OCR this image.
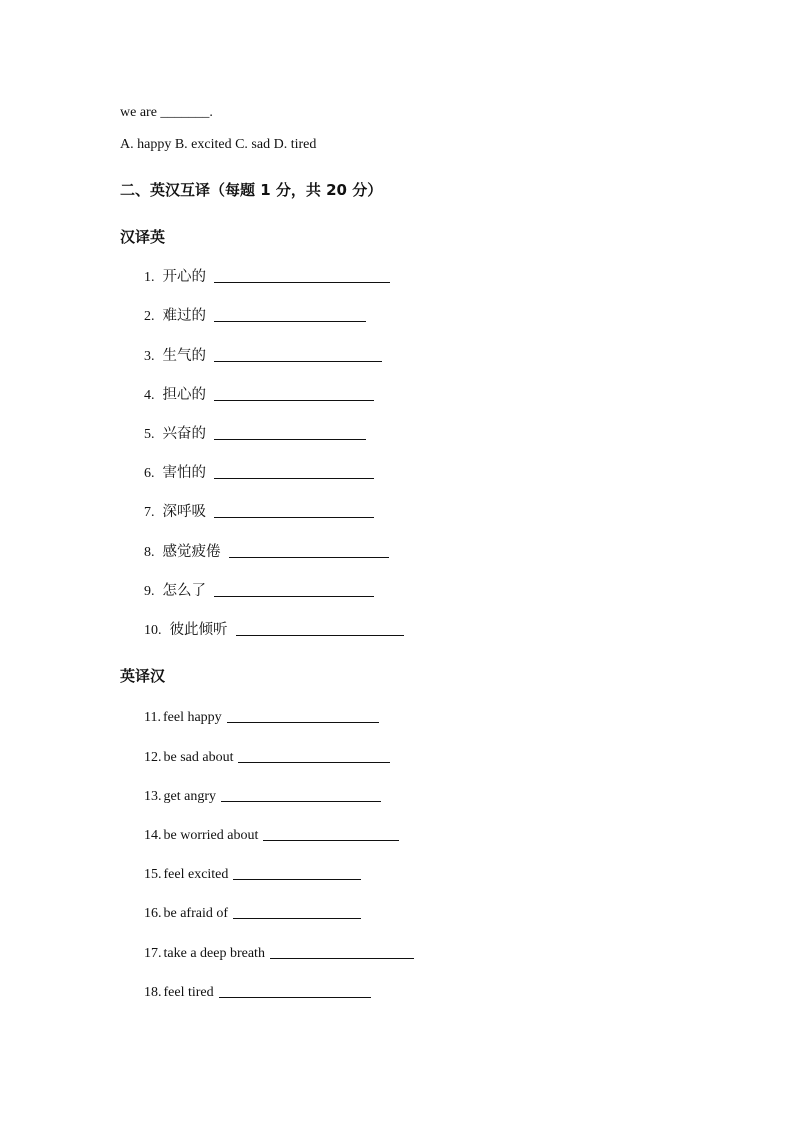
we are _______.
A. happy B. excited C. sad D. tired
二、英汉互译（每题 1 分，共 20 分）
汉译英
1. 开心的
2. 难过的
3. 生气的
4. 担心的
5. 兴奋的
6. 害怕的
7. 深呼吸
8. 感觉疲倦
9. 怎么了
10. 彼此倾听
英译汉
11. feel happy
12. be sad about
13. get angry
14. be worried about
15. feel excited
16. be afraid of
17. take a deep breath
18. feel tired
